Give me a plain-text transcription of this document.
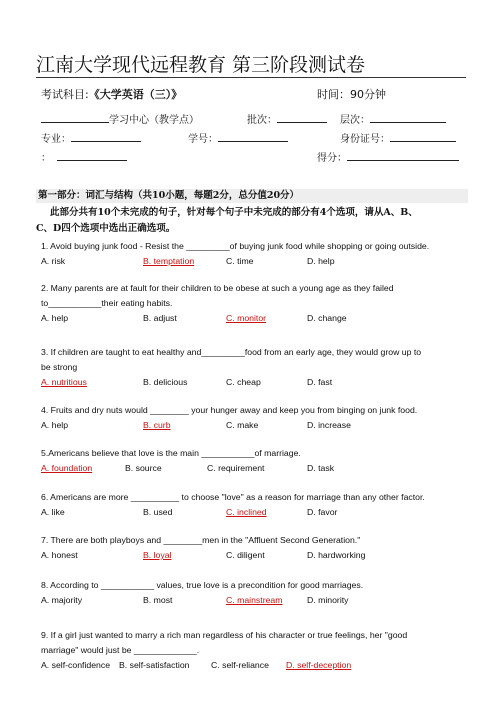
江南大学现代远程教育 第三阶段测试卷
考试科目:《大学英语（三）》	时间：90分钟
学习中心（教学点）	批次：	层次：
专业：	学号：	身份证号：
：	得分：
第一部分：词汇与结构（共10小题，每题2分，总分值20分）
此部分共有10个未完成的句子，针对每个句子中未完成的部分有4个选项，请从A、B、
C、D四个选项中选出正确选项。
1. Avoid buying junk food - Resist the _________of buying junk food while shopping or going outside.
A. risk	B. temptation	C. time	D. help
2. Many parents are at fault for their children to be obese at such a young age as they failed
to___________their eating habits.
A. help	B. adjust	C. monitor	D. change
3. If children are taught to eat healthy and_________food from an early age, they would grow up to
be strong
A. nutritious	B. delicious	C. cheap	D. fast
4. Fruits and dry nuts would ________ your hunger away and keep you from binging on junk food.
A. help	B. curb	C. make	D. increase
5.Americans believe that love is the main ___________of marriage.
A. foundation	B. source	C. requirement	D. task
6. Americans are more __________ to choose "love" as a reason for marriage than any other factor.
A. like	B. used	C. inclined	D. favor
7. There are both playboys and ________men in the "Affluent Second Generation."
A. honest	B. loyal	C. diligent	D. hardworking
8. According to ___________ values, true love is a precondition for good marriages.
A. majority	B. most	C. mainstream	D. minority
9. If a girl just wanted to marry a rich man regardless of his character or true feelings, her "good
marriage" would just be _____________.
A. self-confidence B. self-satisfaction C. self-reliance D. self-deception
